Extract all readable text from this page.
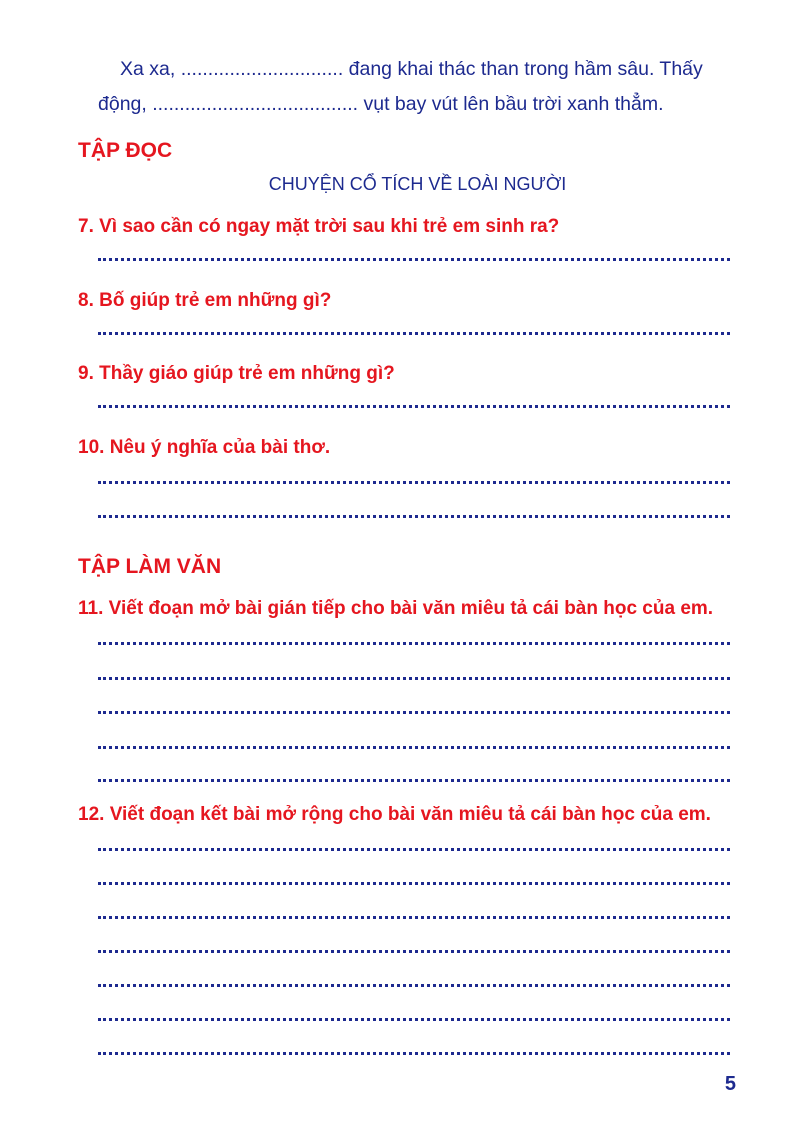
Xa xa, .............................. đang khai thác than trong hầm sâu. Thấy
động, ...................................... vụt bay vút lên bầu trời xanh thẳm.
TẬP ĐỌC
CHUYỆN CỔ TÍCH VỀ LOÀI NGƯỜI
7. Vì sao cần có ngay mặt trời sau khi trẻ em sinh ra?
8. Bố giúp trẻ em những gì?
9. Thầy giáo giúp trẻ em những gì?
10. Nêu ý nghĩa của bài thơ.
TẬP LÀM VĂN
11. Viết đoạn mở bài gián tiếp cho bài văn miêu tả cái bàn học của em.
12. Viết đoạn kết bài mở rộng cho bài văn miêu tả cái bàn học của em.
5
